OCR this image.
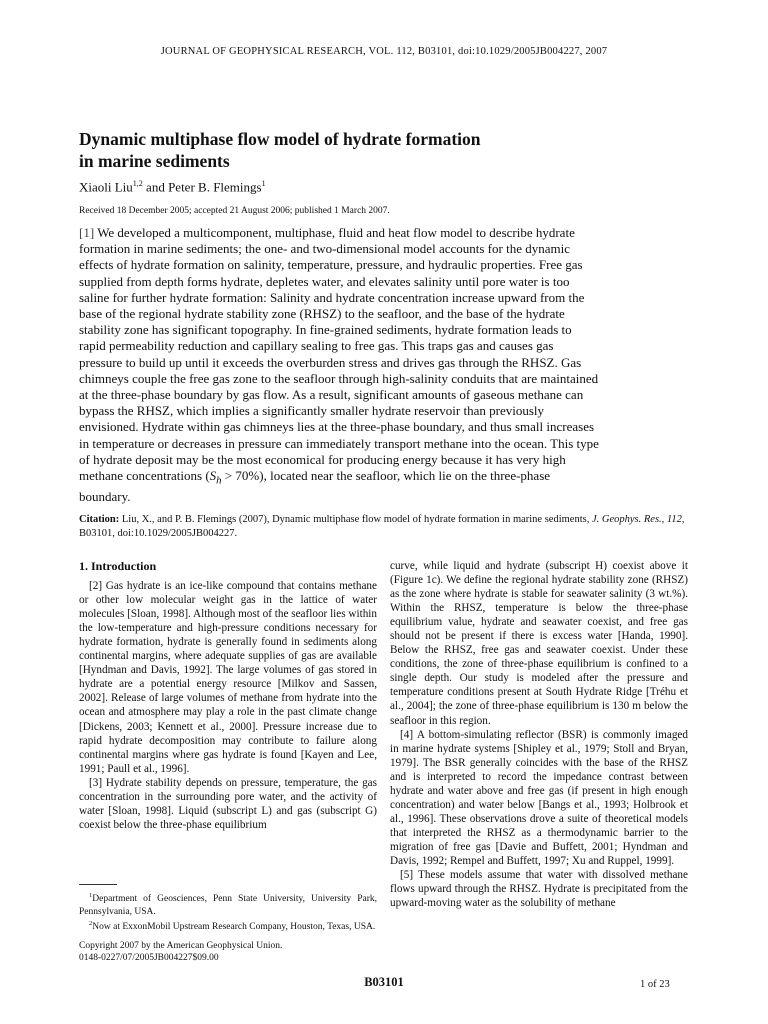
JOURNAL OF GEOPHYSICAL RESEARCH, VOL. 112, B03101, doi:10.1029/2005JB004227, 2007
Dynamic multiphase flow model of hydrate formation
in marine sediments
Xiaoli Liu$^{1,2}$ and Peter B. Flemings$^1$
Received 18 December 2005; accepted 21 August 2006; published 1 March 2007.
[1] We developed a multicomponent, multiphase, fluid and heat flow model to describe hydrate formation in marine sediments; the one- and two-dimensional model accounts for the dynamic effects of hydrate formation on salinity, temperature, pressure, and hydraulic properties. Free gas supplied from depth forms hydrate, depletes water, and elevates salinity until pore water is too saline for further hydrate formation: Salinity and hydrate concentration increase upward from the base of the regional hydrate stability zone (RHSZ) to the seafloor, and the base of the hydrate stability zone has significant topography. In fine-grained sediments, hydrate formation leads to rapid permeability reduction and capillary sealing to free gas. This traps gas and causes gas pressure to build up until it exceeds the overburden stress and drives gas through the RHSZ. Gas chimneys couple the free gas zone to the seafloor through high-salinity conduits that are maintained at the three-phase boundary by gas flow. As a result, significant amounts of gaseous methane can bypass the RHSZ, which implies a significantly smaller hydrate reservoir than previously envisioned. Hydrate within gas chimneys lies at the three-phase boundary, and thus small increases in temperature or decreases in pressure can immediately transport methane into the ocean. This type of hydrate deposit may be the most economical for producing energy because it has very high methane concentrations $(S_h > 70\%)$, located near the seafloor, which lie on the three-phase boundary.
Citation: Liu, X., and P. B. Flemings (2007), Dynamic multiphase flow model of hydrate formation in marine sediments, J. Geophys. Res., 112, B03101, doi:10.1029/2005JB004227.
1. Introduction

[2] Gas hydrate is an ice-like compound that contains methane or other low molecular weight gas in the lattice of water molecules [Sloan, 1998]. Although most of the seafloor lies within the low-temperature and high-pressure conditions necessary for hydrate formation, hydrate is generally found in sediments along continental margins, where adequate supplies of gas are available [Hyndman and Davis, 1992]. The large volumes of gas stored in hydrate are a potential energy resource [Milkov and Sassen, 2002]. Release of large volumes of methane from hydrate into the ocean and atmosphere may play a role in the past climate change [Dickens, 2003; Kennett et al., 2000]. Pressure increase due to rapid hydrate decomposition may contribute to failure along continental margins where gas hydrate is found [Kayen and Lee, 1991; Paull et al., 1996].

[3] Hydrate stability depends on pressure, temperature, the gas concentration in the surrounding pore water, and the activity of water [Sloan, 1998]. Liquid (subscript L) and gas (subscript G) coexist below the three-phase equilibrium

curve, while liquid and hydrate (subscript H) coexist above it (Figure 1c). We define the regional hydrate stability zone (RHSZ) as the zone where hydrate is stable for seawater salinity (3 wt.%). Within the RHSZ, temperature is below the three-phase equilibrium value, hydrate and seawater coexist, and free gas should not be present if there is excess water [Handa, 1990]. Below the RHSZ, free gas and seawater coexist. Under these conditions, the zone of three-phase equilibrium is confined to a single depth. Our study is modeled after the pressure and temperature conditions present at South Hydrate Ridge [Tréhu et al., 2004]; the zone of three-phase equilibrium is 130 m below the seafloor in this region.

[4] A bottom-simulating reflector (BSR) is commonly imaged in marine hydrate systems [Shipley et al., 1979; Stoll and Bryan, 1979]. The BSR generally coincides with the base of the RHSZ and is interpreted to record the impedance contrast between hydrate and water above and free gas (if present in high enough concentration) and water below [Bangs et al., 1993; Holbrook et al., 1996]. These observations drove a suite of theoretical models that interpreted the RHSZ as a thermodynamic barrier to the migration of free gas [Davie and Buffett, 2001; Hyndman and Davis, 1992; Rempel and Buffett, 1997; Xu and Ruppel, 1999].

[5] These models assume that water with dissolved methane flows upward through the RHSZ. Hydrate is precipitated from the upward-moving water as the solubility of methane

$^1$Department of Geosciences, Penn State University, University Park, Pennsylvania, USA.

$^2$Now at ExxonMobil Upstream Research Company, Houston, Texas, USA.

Copyright 2007 by the American Geophysical Union.
0148-0227/07/2005JB004227$09.00
B03101	1 of 23
